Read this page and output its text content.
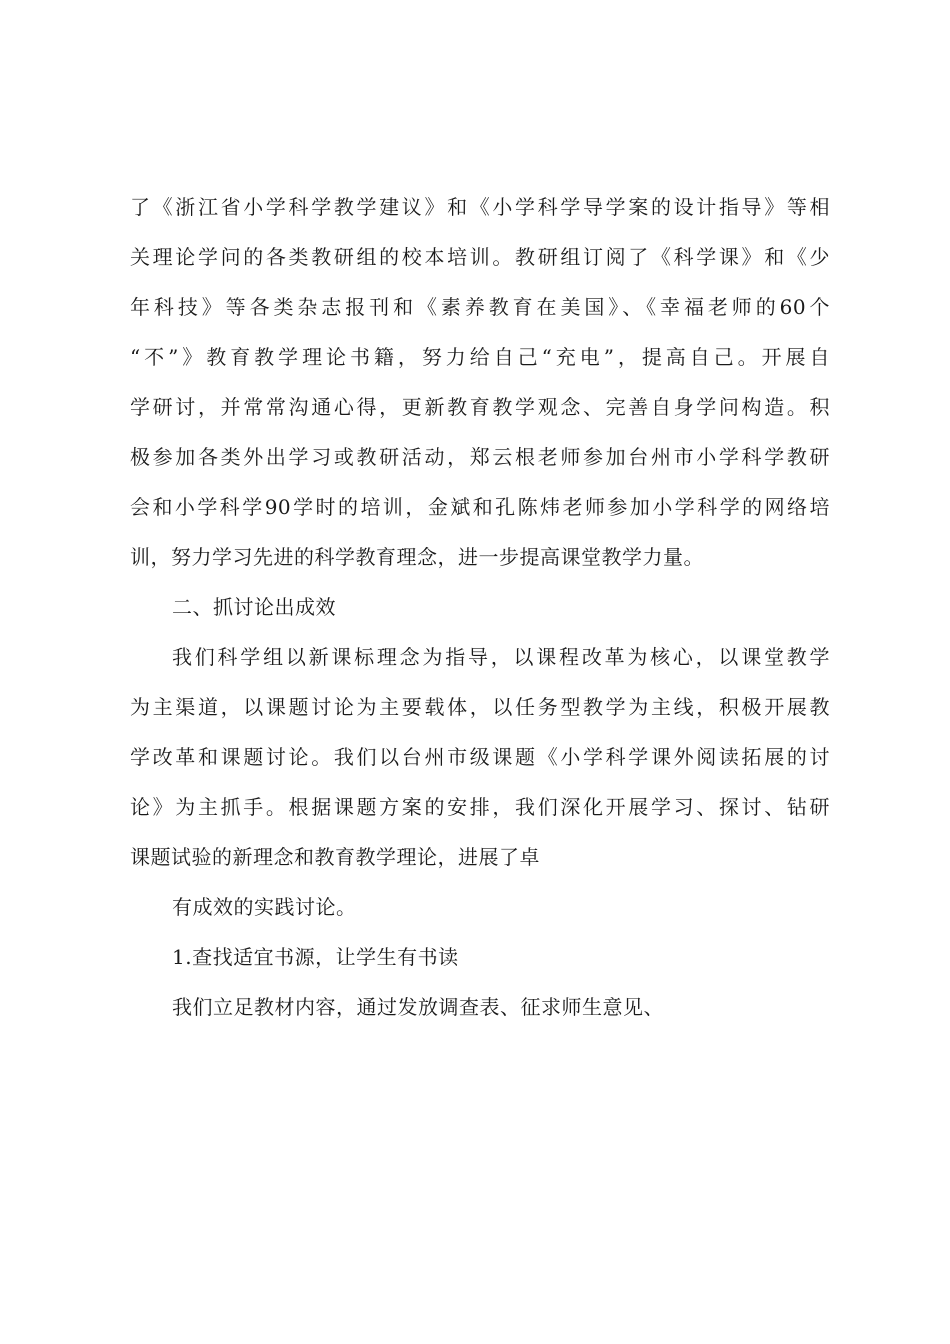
了《浙江省小学科学教学建议》和《小学科学导学案的设计指导》等相
关理论学问的各类教研组的校本培训。教研组订阅了《科学课》和《少
年科技》等各类杂志报刊和《素养教育在美国》、《幸福老师的60个
“不”》教育教学理论书籍，努力给自己“充电”，提高自己。开展自
学研讨，并常常沟通心得，更新教育教学观念、完善自身学问构造。积
极参加各类外出学习或教研活动，郑云根老师参加台州市小学科学教研
会和小学科学90学时的培训，金斌和孔陈炜老师参加小学科学的网络培
训，努力学习先进的科学教育理念，进一步提高课堂教学力量。
二、抓讨论出成效
我们科学组以新课标理念为指导，以课程改革为核心，以课堂教学
为主渠道，以课题讨论为主要载体，以任务型教学为主线，积极开展教
学改革和课题讨论。我们以台州市级课题《小学科学课外阅读拓展的讨
论》为主抓手。根据课题方案的安排，我们深化开展学习、探讨、钻研
课题试验的新理念和教育教学理论，进展了卓
有成效的实践讨论。
1.查找适宜书源，让学生有书读
我们立足教材内容，通过发放调查表、征求师生意见、
